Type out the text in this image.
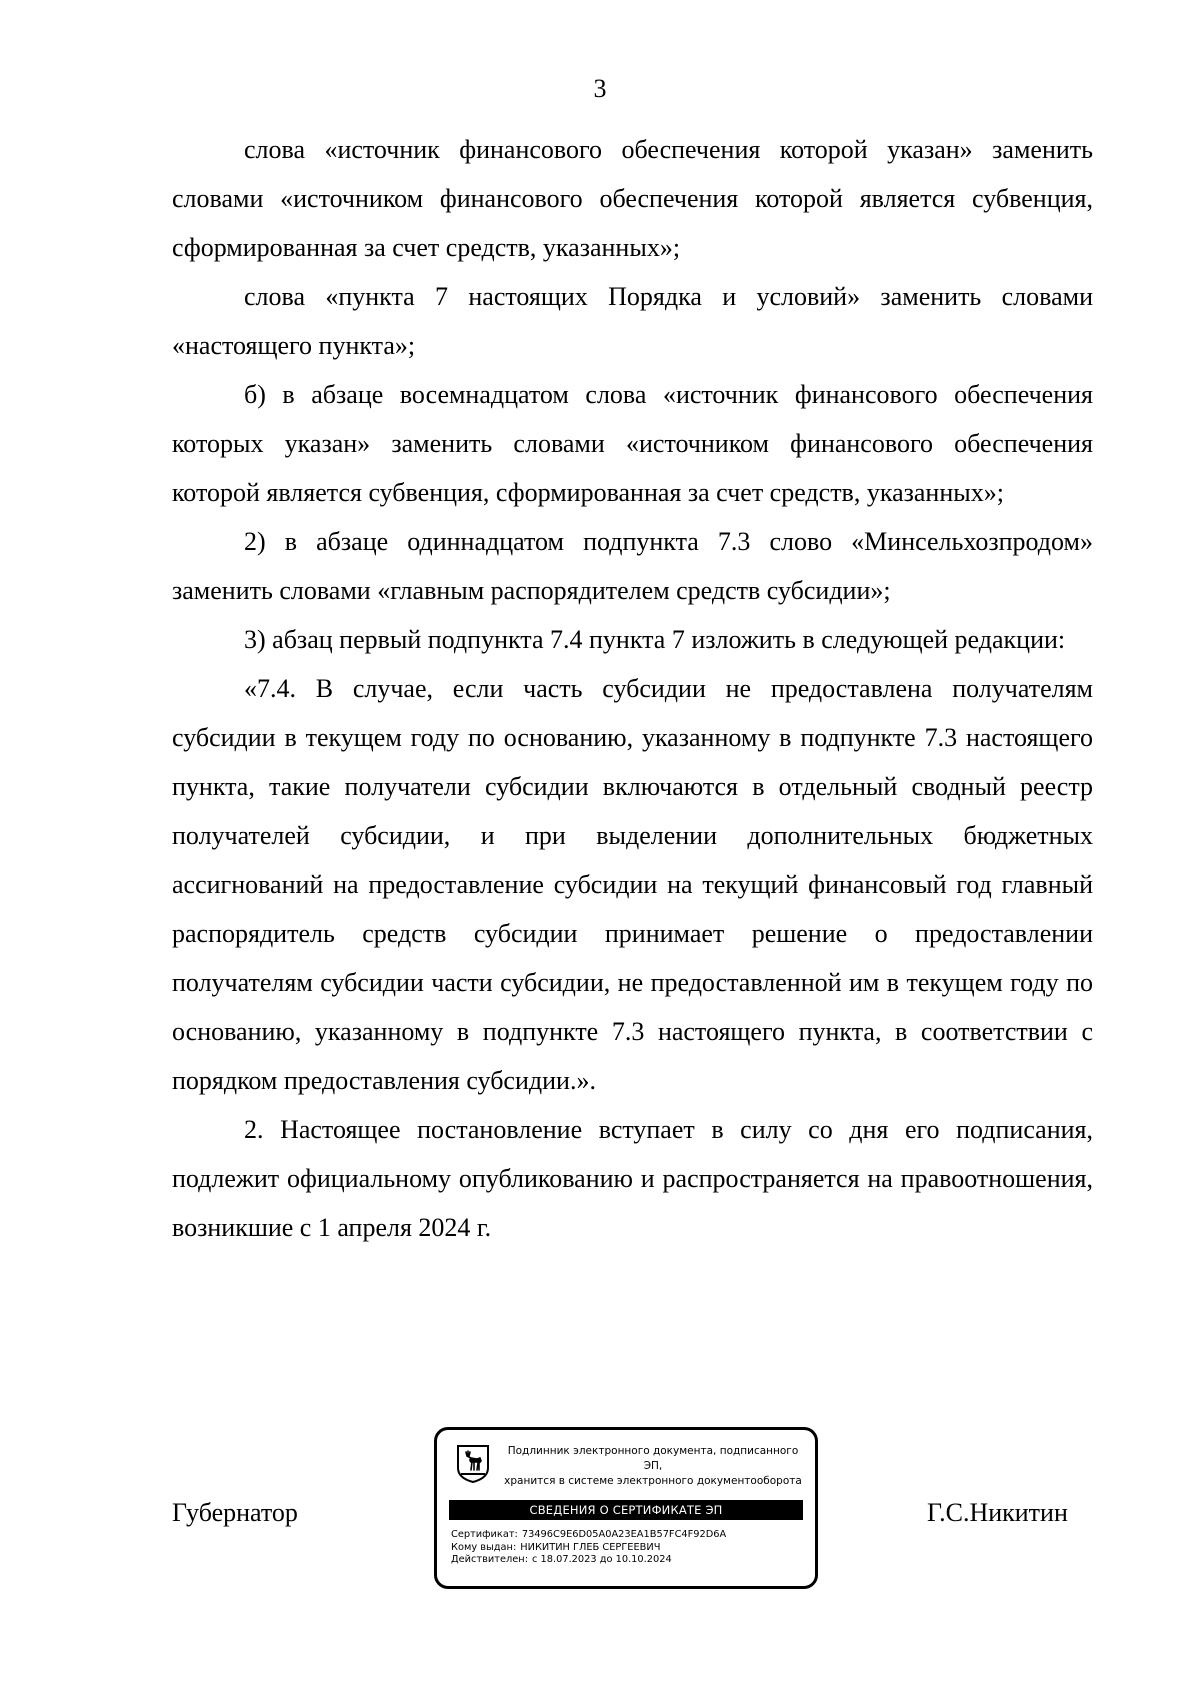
3

слова «источник финансового обеспечения которой указан» заменить словами «источником финансового обеспечения которой является субвенция, сформированная за счет средств, указанных»;

слова «пункта 7 настоящих Порядка и условий» заменить словами «настоящего пункта»;

б) в абзаце восемнадцатом слова «источник финансового обеспечения которых указан» заменить словами «источником финансового обеспечения которой является субвенция, сформированная за счет средств, указанных»;

2) в абзаце одиннадцатом подпункта 7.3 слово «Минсельхозпродом» заменить словами «главным распорядителем средств субсидии»;

3) абзац первый подпункта 7.4 пункта 7 изложить в следующей редакции:

«7.4. В случае, если часть субсидии не предоставлена получателям субсидии в текущем году по основанию, указанному в подпункте 7.3 настоящего пункта, такие получатели субсидии включаются в отдельный сводный реестр получателей субсидии, и при выделении дополнительных бюджетных ассигнований на предоставление субсидии на текущий финансовый год главный распорядитель средств субсидии принимает решение о предоставлении получателям субсидии части субсидии, не предоставленной им в текущем году по основанию, указанному в подпункте 7.3 настоящего пункта, в соответствии с порядком предоставления субсидии.».

2. Настоящее постановление вступает в силу со дня его подписания, подлежит официальному опубликованию и распространяется на правоотношения, возникшие с 1 апреля 2024 г.

Губернатор	Г.С.Никитин
Подлинник электронного документа, подписанного ЭП,
хранится в системе электронного документооборота
СВЕДЕНИЯ О СЕРТИФИКАТЕ ЭП
Сертификат: 73496C9E6D05A0A23EA1B57FC4F92D6A
Кому выдан: НИКИТИН ГЛЕБ СЕРГЕЕВИЧ
Действителен: с 18.07.2023 до 10.10.2024
